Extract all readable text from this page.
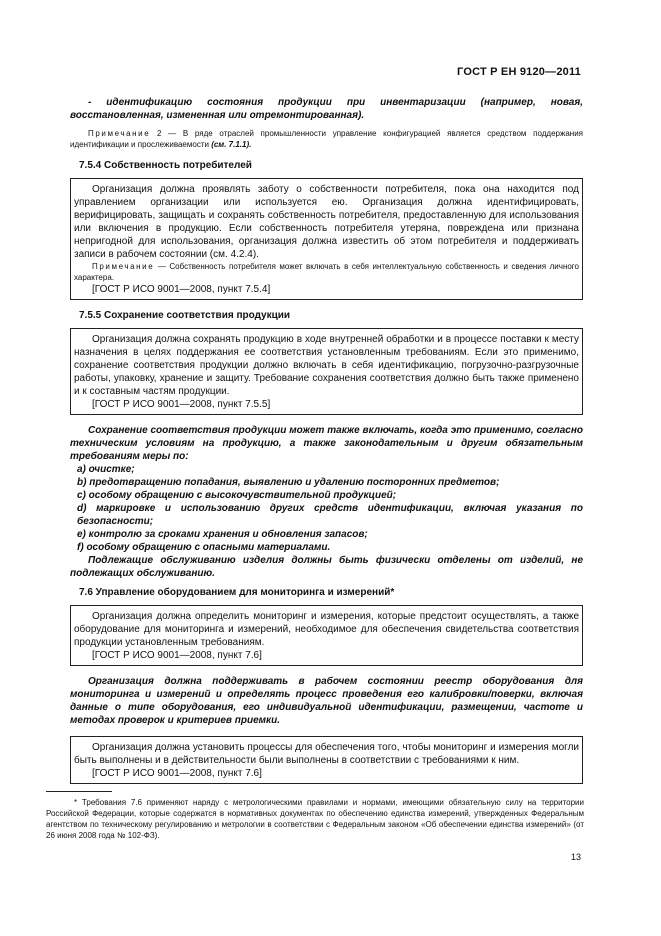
ГОСТ Р ЕН 9120—2011

- идентификацию состояния продукции при инвентаризации (например, новая, восстановленная, измененная или отремонтированная).

Примечание 2 — В ряде отраслей промышленности управление конфигурацией является средством поддержания идентификации и прослеживаемости (см. 7.1.1).

7.5.4 Собственность потребителей

Организация должна проявлять заботу о собственности потребителя, пока она находится под управлением организации или используется ею. Организация должна идентифицировать, верифицировать, защищать и сохранять собственность потребителя, предоставленную для использования или включения в продукцию. Если собственность потребителя утеряна, повреждена или признана непригодной для использования, организация должна известить об этом потребителя и поддерживать записи в рабочем состоянии (см. 4.2.4).

Примечание — Собственность потребителя может включать в себя интеллектуальную собственность и сведения личного характера.

[ГОСТ Р ИСО 9001—2008, пункт 7.5.4]

7.5.5 Сохранение соответствия продукции

Организация должна сохранять продукцию в ходе внутренней обработки и в процессе поставки к месту назначения в целях поддержания ее соответствия установленным требованиям. Если это применимо, сохранение соответствия продукции должно включать в себя идентификацию, погрузочно-разгрузочные работы, упаковку, хранение и защиту. Требование сохранения соответствия должно быть также применено и к составным частям продукции.

[ГОСТ Р ИСО 9001—2008, пункт 7.5.5]

Сохранение соответствия продукции может также включать, когда это применимо, согласно техническим условиям на продукцию, а также законодательным и другим обязательным требованиям меры по:

a) очистке;

b) предотвращению попадания, выявлению и удалению посторонних предметов;

c) особому обращению с высокочувствительной продукцией;

d) маркировке и использованию других средств идентификации, включая указания по безопасности;

e) контролю за сроками хранения и обновления запасов;

f) особому обращению с опасными материалами.

Подлежащие обслуживанию изделия должны быть физически отделены от изделий, не подлежащих обслуживанию.

7.6 Управление оборудованием для мониторинга и измерений*

Организация должна определить мониторинг и измерения, которые предстоит осуществлять, а также оборудование для мониторинга и измерений, необходимое для обеспечения свидетельства соответствия продукции установленным требованиям.

[ГОСТ Р ИСО 9001—2008, пункт 7.6]

Организация должна поддерживать в рабочем состоянии реестр оборудования для мониторинга и измерений и определять процесс проведения его калибровки/поверки, включая данные о типе оборудования, его индивидуальной идентификации, размещении, частоте и методах проверок и критериев приемки.

Организация должна установить процессы для обеспечения того, чтобы мониторинг и измерения могли быть выполнены и в действительности были выполнены в соответствии с требованиями к ним.

[ГОСТ Р ИСО 9001—2008, пункт 7.6]

* Требования 7.6 применяют наряду с метрологическими правилами и нормами, имеющими обязательную силу на территории Российской Федерации, которые содержатся в нормативных документах по обеспечению единства измерений, утвержденных Федеральным агентством по техническому регулированию и метрологии в соответствии с Федеральным законом «Об обеспечении единства измерений» (от 26 июня 2008 года № 102-ФЗ).

13
